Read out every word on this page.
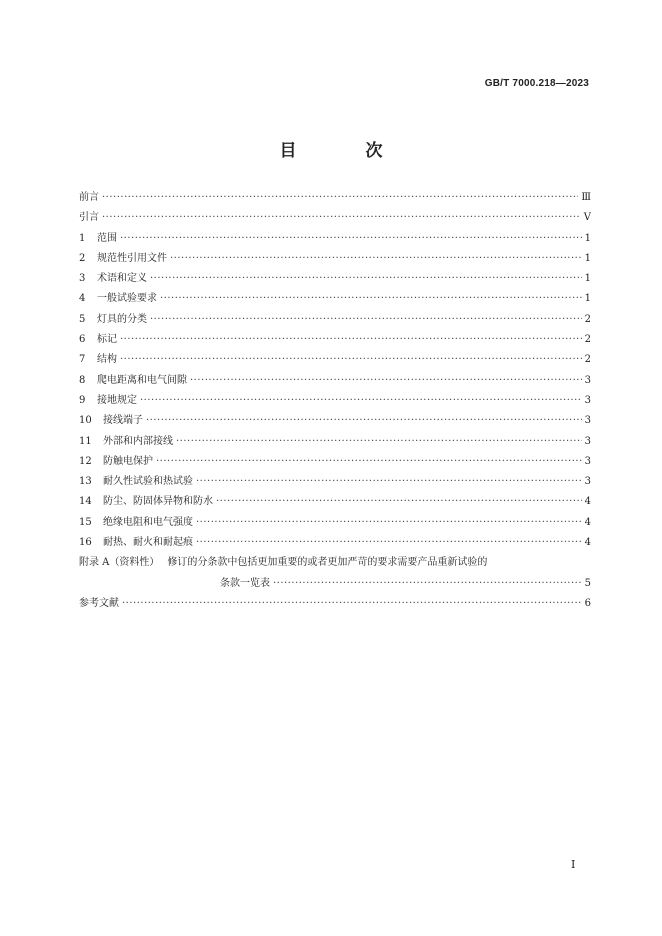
GB/T 7000.218—2023
目　次
前言 ·····	Ⅲ
引言 ·····	Ⅴ
1	范围 ·····	1
2	规范性引用文件 ·····	1
3	术语和定义 ·····	1
4	一般试验要求 ·····	1
5	灯具的分类 ·····	2
6	标记 ·····	2
7	结构 ·····	2
8	爬电距离和电气间隙 ·····	3
9	接地规定 ·····	3
10	接线端子 ·····	3
11	外部和内部接线 ·····	3
12	防触电保护 ·····	3
13	耐久性试验和热试验 ·····	3
14	防尘、防固体异物和防水 ·····	4
15	绝缘电阻和电气强度 ·····	4
16	耐热、耐火和耐起痕 ·····	4
附录 A（资料性） 修订的分条款中包括更加重要的或者更加严苛的要求需要产品重新试验的
条款一览表 ·····	5
参考文献 ·····	6
Ⅰ
